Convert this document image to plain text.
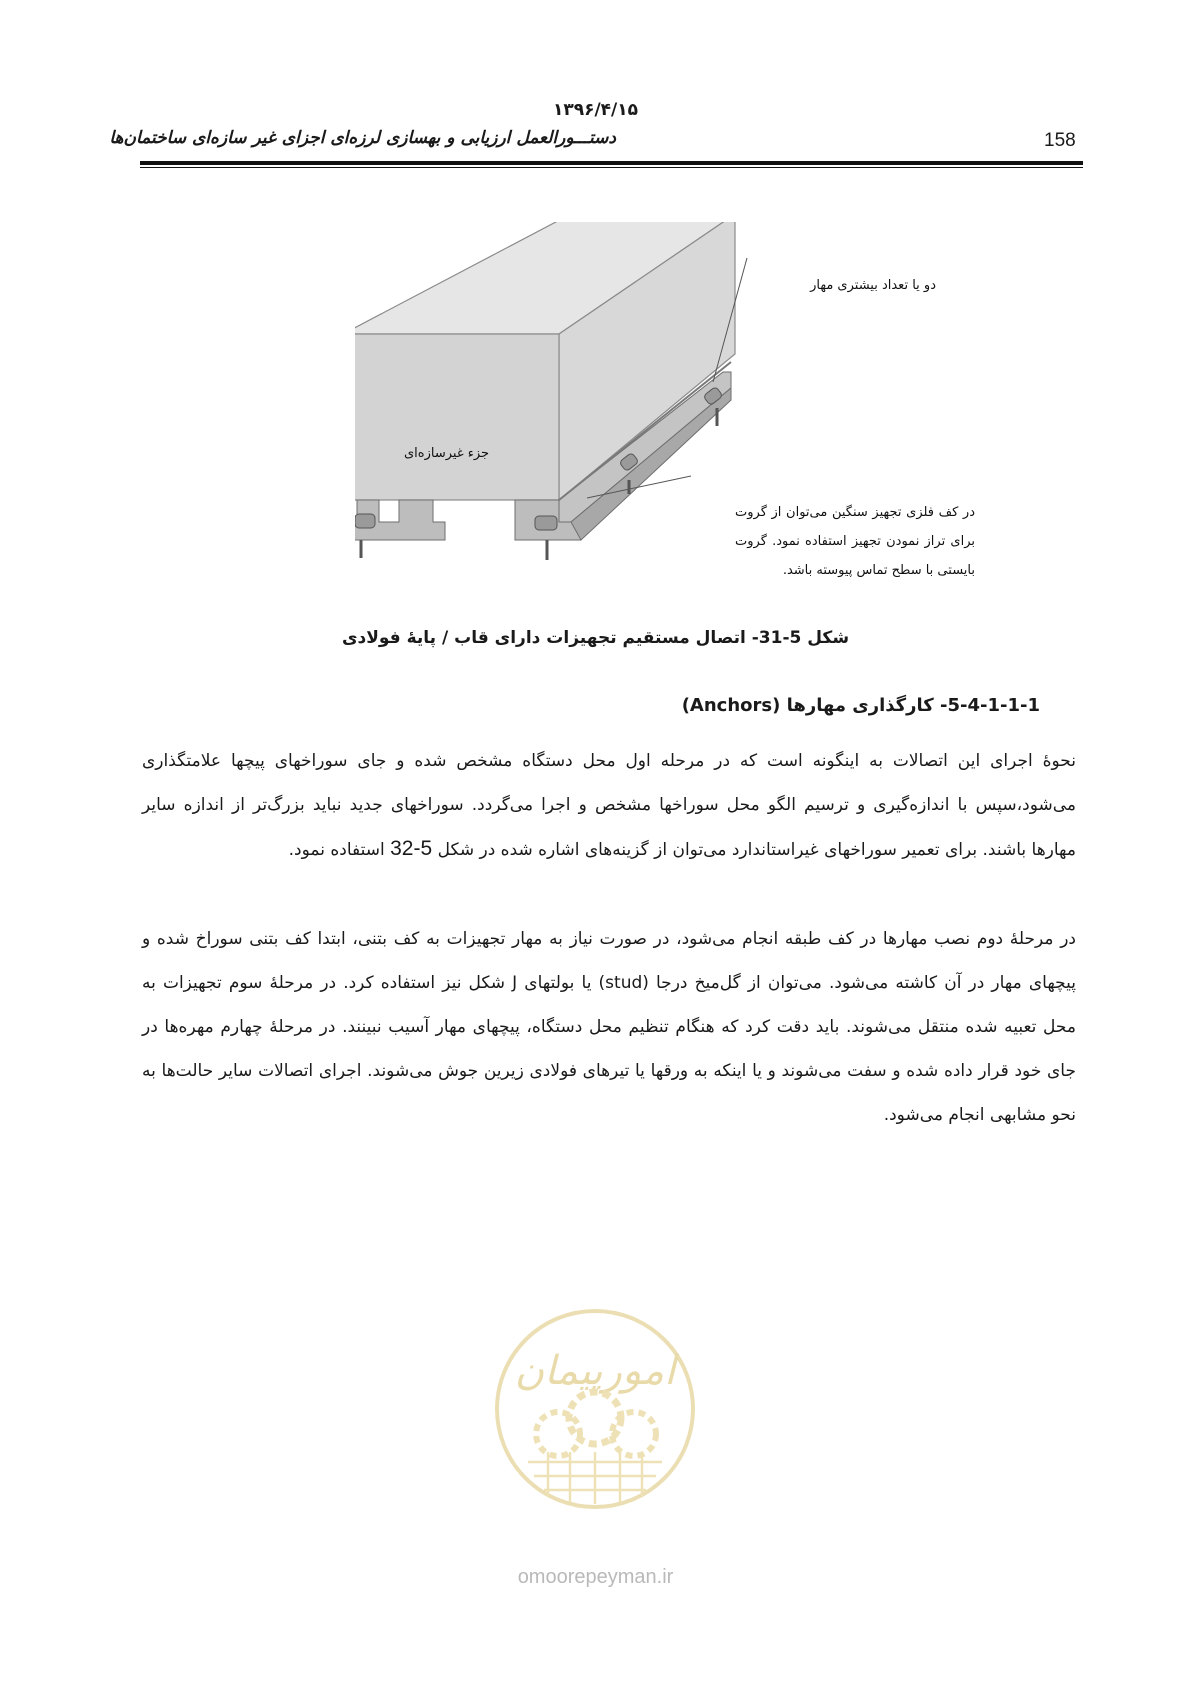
۱۳۹۶/۴/۱۵
دستـــورالعمل ارزیابی و بهسازی لرزه‌ای اجزای غیر سازه‌ای ساختمان‌ها	158
دو یا تعداد بیشتری مهار
جزء غیرسازه‌ای
در کف فلزی تجهیز سنگین می‌توان از گروت برای تراز نمودن تجهیز استفاده نمود. گروت بایستی با سطح تماس پیوسته باشد.
شکل 5-31- اتصال مستقیم تجهیزات دارای قاب / پایهٔ فولادی
5-4-1-1-1- کارگذاری مهارها (Anchors)
نحوهٔ اجرای این اتصالات به اینگونه است که در مرحله اول محل دستگاه مشخص شده و جای سوراخهای پیچها علامتگذاری می‌شود،سپس با اندازه‌گیری و ترسیم الگو محل سوراخها مشخص و اجرا می‌گردد. سوراخهای جدید نباید بزرگ‌تر از اندازه سایر مهارها باشند. برای تعمیر سوراخهای غیراستاندارد می‌توان از گزینه‌های اشاره شده در شکل 5-32 استفاده نمود.
در مرحلهٔ دوم نصب مهارها در کف طبقه انجام می‌شود، در صورت نیاز به مهار تجهیزات به کف بتنی، ابتدا کف بتنی سوراخ شده و پیچهای مهار در آن کاشته می‌شود. می‌توان از گل‌میخ درجا (stud) یا بولتهای J شکل نیز استفاده کرد. در مرحلهٔ سوم تجهیزات به محل تعبیه شده منتقل می‌شوند. باید دقت کرد که هنگام تنظیم محل دستگاه، پیچهای مهار آسیب نبینند. در مرحلهٔ چهارم مهره‌ها در جای خود قرار داده شده و سفت می‌شوند و یا اینکه به ورقها یا تیرهای فولادی زیرین جوش می‌شوند. اجرای اتصالات سایر حالت‌ها به نحو مشابهی انجام می‌شود.
امورپیمان
omoorepeyman.ir
